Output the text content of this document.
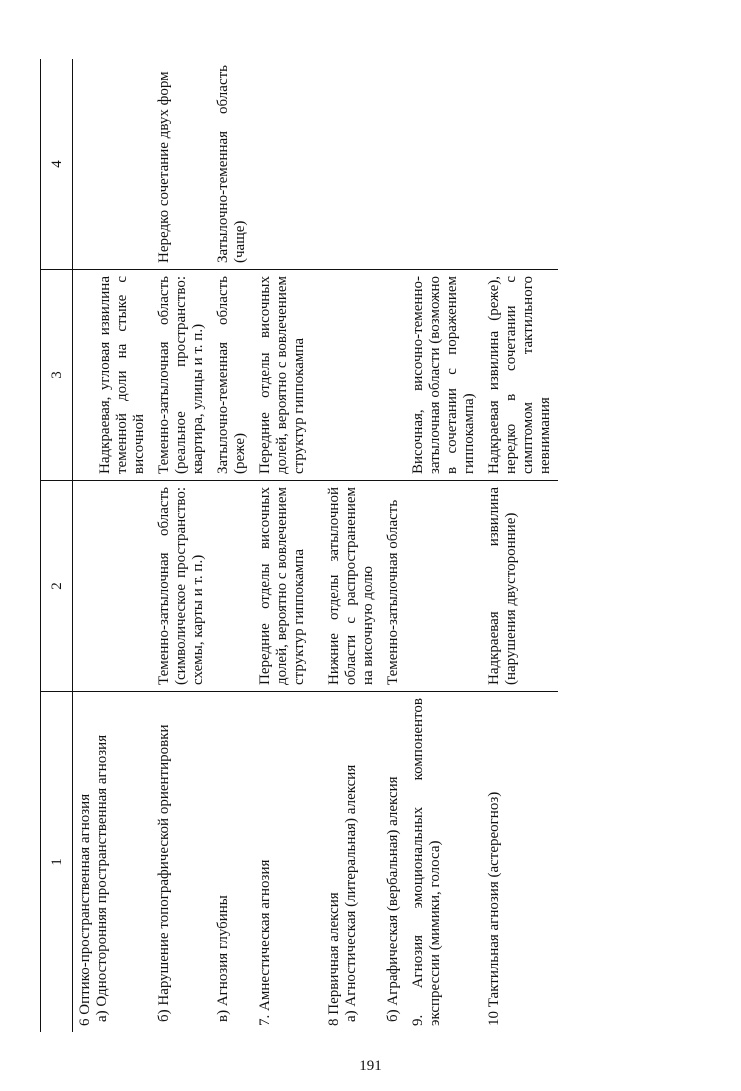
1	2	3	4

6 Оптико-пространственная агнозия а) Односторонняя пространственная агнозия		Надкраевая, угловая извилина теменной доли на стыке с височной	

б) Нарушение топографической ориентировки	Теменно-затылочная область (символическое пространство: схемы, карты и т. п.)	Теменно-затылочная область (реальное пространство: квартира, улицы и т. п.)	Нередко сочетание двух форм

в) Агнозия глубины		Затылочно-теменная область (реже)	Затылочно-теменная область (чаще)

7. Амнестическая агнозия	Передние отделы височных долей, вероятно с вовлечением структур гиппокампа	Передние отделы височных долей, вероятно с вовлечением структур гиппокампа	

8 Первичная алексия а) Агностическая (литеральная) алексия	Нижние отделы затылочной области с распространением на височную долю		

б) Аграфическая (вербальная) алексия	Теменно-затылочная область		

9. Агнозия эмоциональных компонентов экспрессии (мимики, голоса)		Височная, височно-теменно-затылочная области (возможно в сочетании с поражением гиппокампа)	

10 Тактильная агнозия (астереогноз)	Надкраевая извилина (нарушения двусторонние)	Надкраевая извилина (реже), нередко в сочетании с симптомом тактильного невнимания	
191
